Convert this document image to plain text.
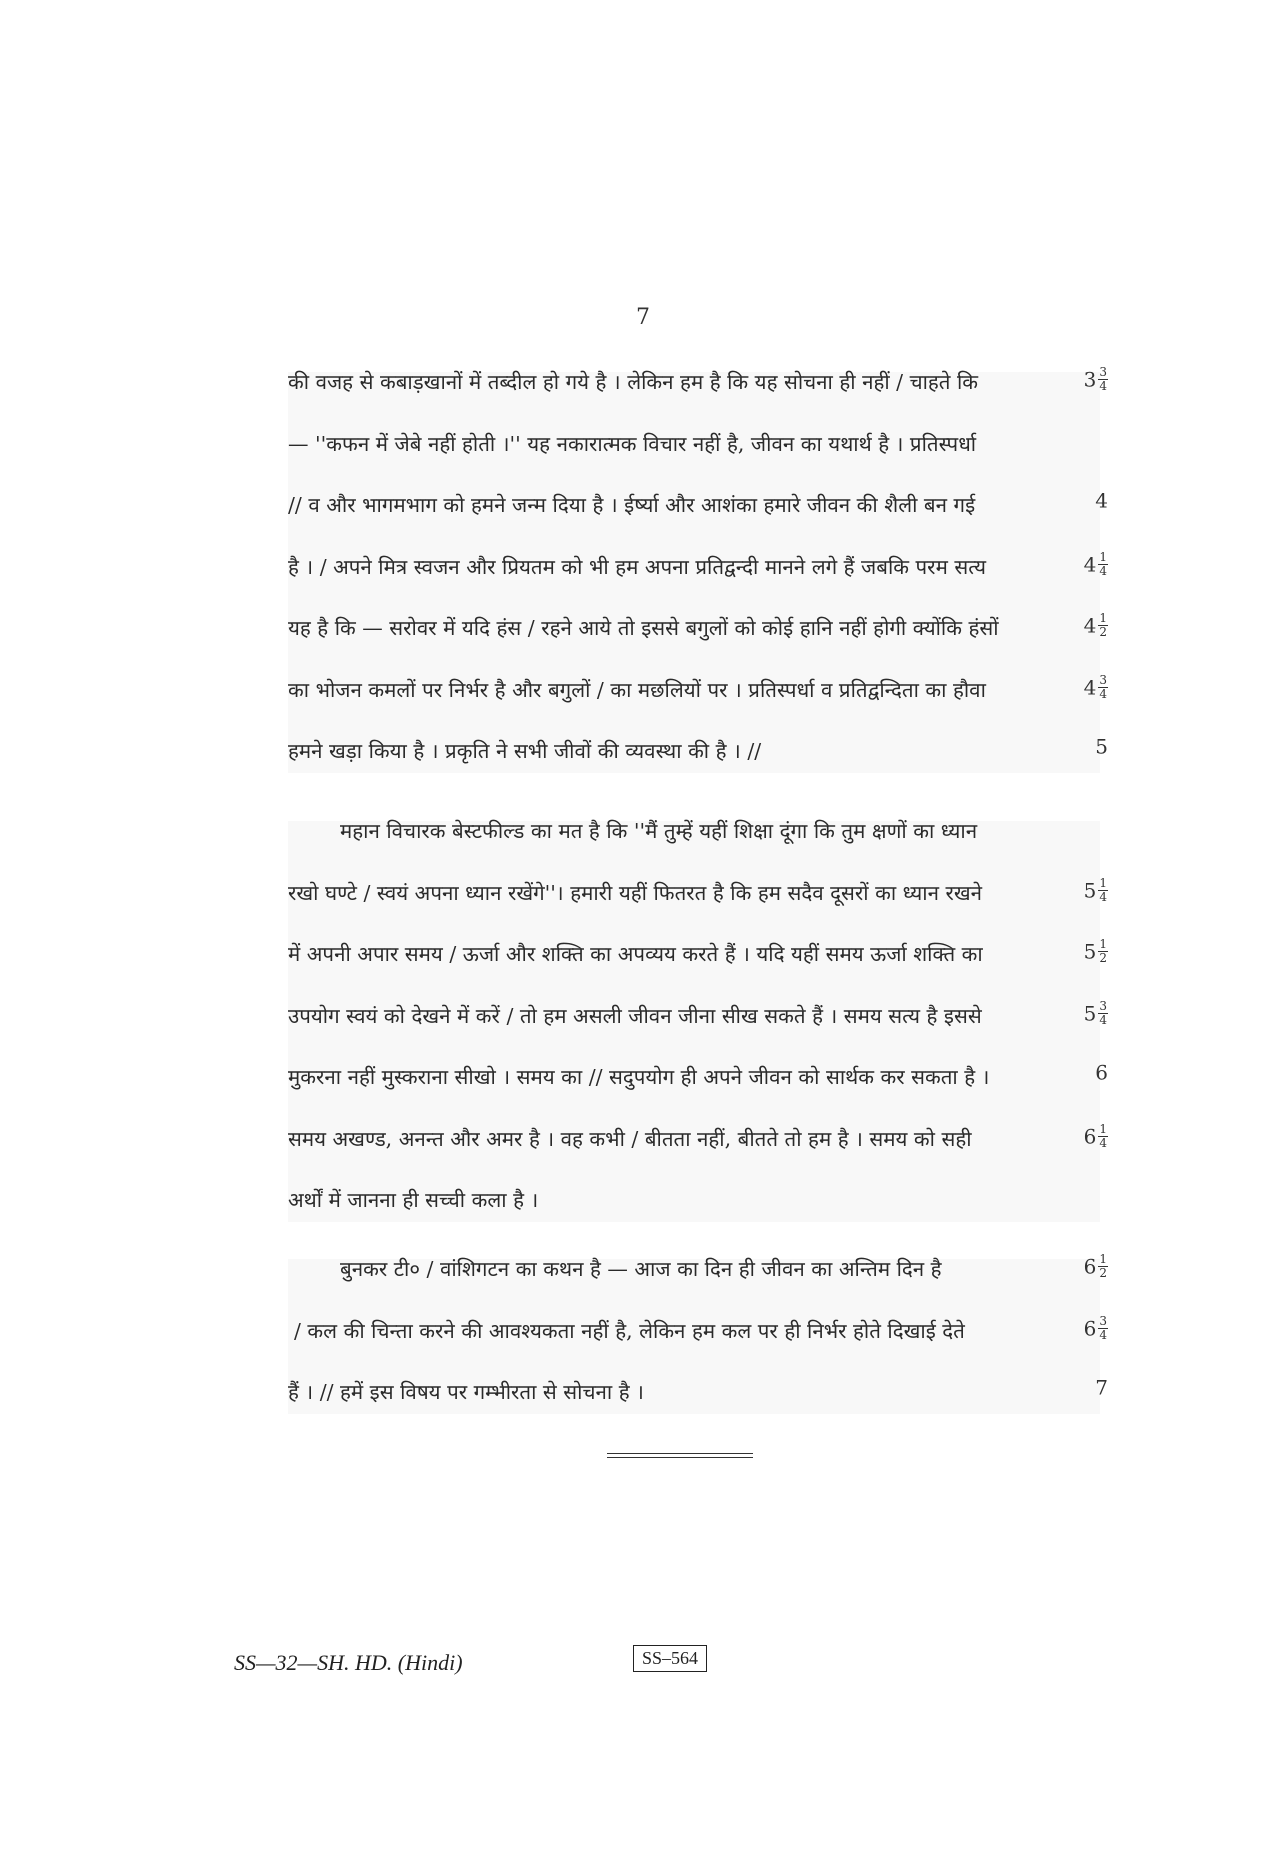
7
की वजह से कबाड़खानों में तब्दील हो गये है । लेकिन हम है कि यह सोचना ही नहीं / चाहते कि	$3 \frac{3}{4}$
— ''कफन में जेबे नहीं होती ।'' यह नकारात्मक विचार नहीं है, जीवन का यथार्थ है । प्रतिस्पर्धा
// व और भागमभाग को हमने जन्म दिया है । ईर्ष्या और आशंका हमारे जीवन की शैली बन गई	4
है । / अपने मित्र स्वजन और प्रियतम को भी हम अपना प्रतिद्वन्दी मानने लगे हैं जबकि परम सत्य	$4 \frac{1}{4}$
यह है कि — सरोवर में यदि हंस / रहने आये तो इससे बगुलों को कोई हानि नहीं होगी क्योंकि हंसों	$4 \frac{1}{2}$
का भोजन कमलों पर निर्भर है और बगुलों / का मछलियों पर । प्रतिस्पर्धा व प्रतिद्वन्दिता का हौवा	$4 \frac{3}{4}$
हमने खड़ा किया है । प्रकृति ने सभी जीवों की व्यवस्था की है । //	5
महान विचारक बेस्टफील्ड का मत है कि ''मैं तुम्हें यहीं शिक्षा दूंगा कि तुम क्षणों का ध्यान
रखो घण्टे / स्वयं अपना ध्यान रखेंगे''। हमारी यहीं फितरत है कि हम सदैव दूसरों का ध्यान रखने	$5 \frac{1}{4}$
में अपनी अपार समय / ऊर्जा और शक्ति का अपव्यय करते हैं । यदि यहीं समय ऊर्जा शक्ति का	$5 \frac{1}{2}$
उपयोग स्वयं को देखने में करें / तो हम असली जीवन जीना सीख सकते हैं । समय सत्य है इससे	$5 \frac{3}{4}$
मुकरना नहीं मुस्कराना सीखो । समय का // सदुपयोग ही अपने जीवन को सार्थक कर सकता है ।	6
समय अखण्ड, अनन्त और अमर है । वह कभी / बीतता नहीं, बीतते तो हम है । समय को सही	$6 \frac{1}{4}$
अर्थों में जानना ही सच्ची कला है ।
बुनकर टी० / वांशिगटन का कथन है — आज का दिन ही जीवन का अन्तिम दिन है	$6 \frac{1}{2}$
/ कल की चिन्ता करने की आवश्यकता नहीं है, लेकिन हम कल पर ही निर्भर होते दिखाई देते	$6 \frac{3}{4}$
हैं । // हमें इस विषय पर गम्भीरता से सोचना है ।	7
SS—32—SH. HD. (Hindi)	SS–564
